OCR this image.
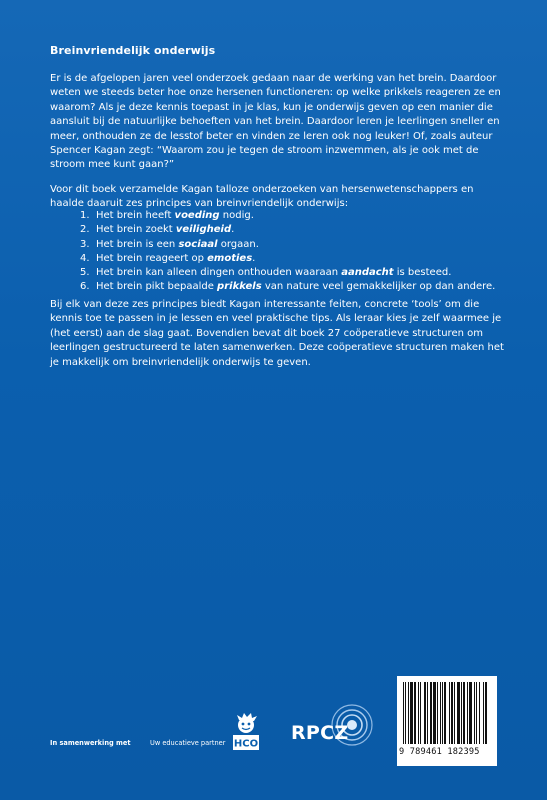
Breinvriendelijk onderwijs

Er is de afgelopen jaren veel onderzoek gedaan naar de werking van het brein. Daardoor weten we steeds beter hoe onze hersenen functioneren: op welke prikkels reageren ze en waarom? Als je deze kennis toepast in je klas, kun je onderwijs geven op een manier die aansluit bij de natuurlijke behoeften van het brein. Daardoor leren je leerlingen sneller en meer, onthouden ze de lesstof beter en vinden ze leren ook nog leuker! Of, zoals auteur Spencer Kagan zegt: “Waarom zou je tegen de stroom inzwemmen, als je ook met de stroom mee kunt gaan?”

Voor dit boek verzamelde Kagan talloze onderzoeken van hersenwetenschappers en haalde daaruit zes principes van breinvriendelijk onderwijs:

1. Het brein heeft voeding nodig.
2. Het brein zoekt veiligheid.
3. Het brein is een sociaal orgaan.
4. Het brein reageert op emoties.
5. Het brein kan alleen dingen onthouden waaraan aandacht is besteed.
6. Het brein pikt bepaalde prikkels van nature veel gemakkelijker op dan andere.

Bij elk van deze zes principes biedt Kagan interessante feiten, concrete ‘tools’ om die kennis toe te passen in je lessen en veel praktische tips. Als leraar kies je zelf waarmee je (het eerst) aan de slag gaat. Bovendien bevat dit boek 27 coöperatieve structuren om leerlingen gestructureerd te laten samenwerken. Deze coöperatieve structuren maken het je makkelijk om breinvriendelijk onderwijs te geven.

In samenwerking met	Uw educatieve partner HCO RPCZ
9 789461 182395
